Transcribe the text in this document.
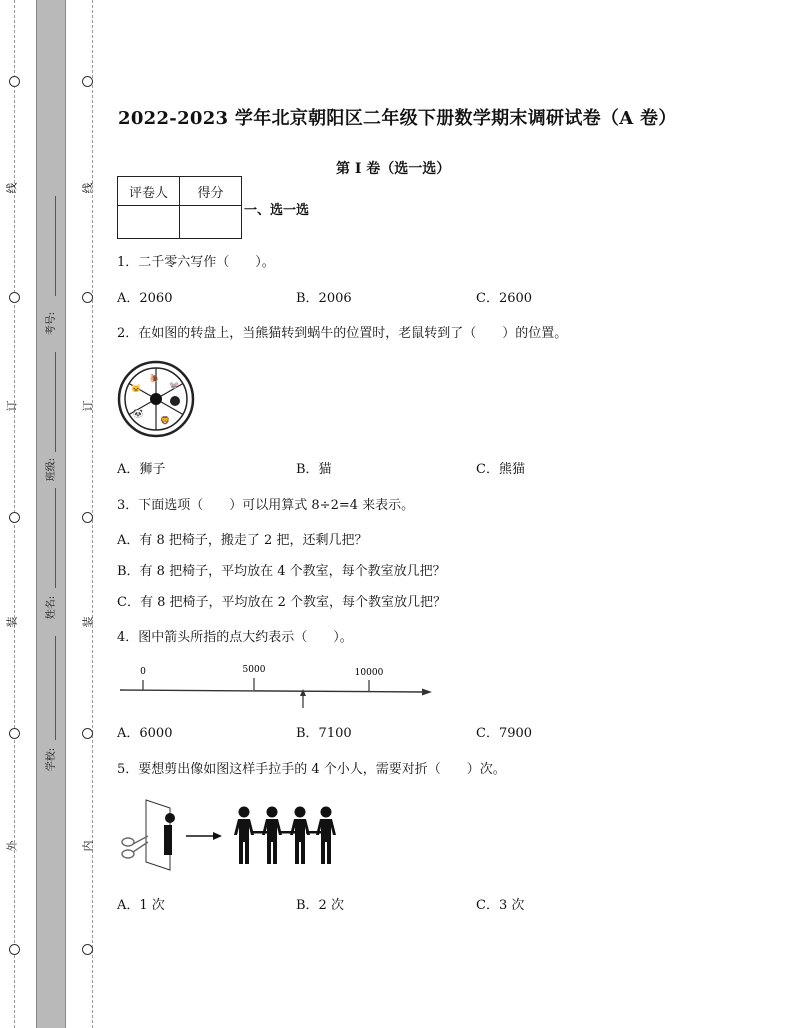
线
订
装
外
线
订
装
内
考号:
班级:
姓名:
学校:
2022-2023 学年北京朝阳区二年级下册数学期末调研试卷（A 卷）
第 I 卷（选一选）
评卷人	得分

一、选一选
1．二千零六写作（　　）。
A．2060	B．2006	C．2600
2．在如图的转盘上，当熊猫转到蜗牛的位置时，老鼠转到了（　　）的位置。
🐌
🐭
🦁
🐼
🐱
A．狮子	B．猫	C．熊猫
3．下面选项（　　）可以用算式 8÷2=4 来表示。
A．有 8 把椅子，搬走了 2 把，还剩几把？
B．有 8 把椅子，平均放在 4 个教室，每个教室放几把？
C．有 8 把椅子，平均放在 2 个教室，每个教室放几把？
4．图中箭头所指的点大约表示（　　）。
0	5000	10000
A．6000	B．7100	C．7900
5．要想剪出像如图这样手拉手的 4 个小人，需要对折（　　）次。
A．1 次	B．2 次	C．3 次
